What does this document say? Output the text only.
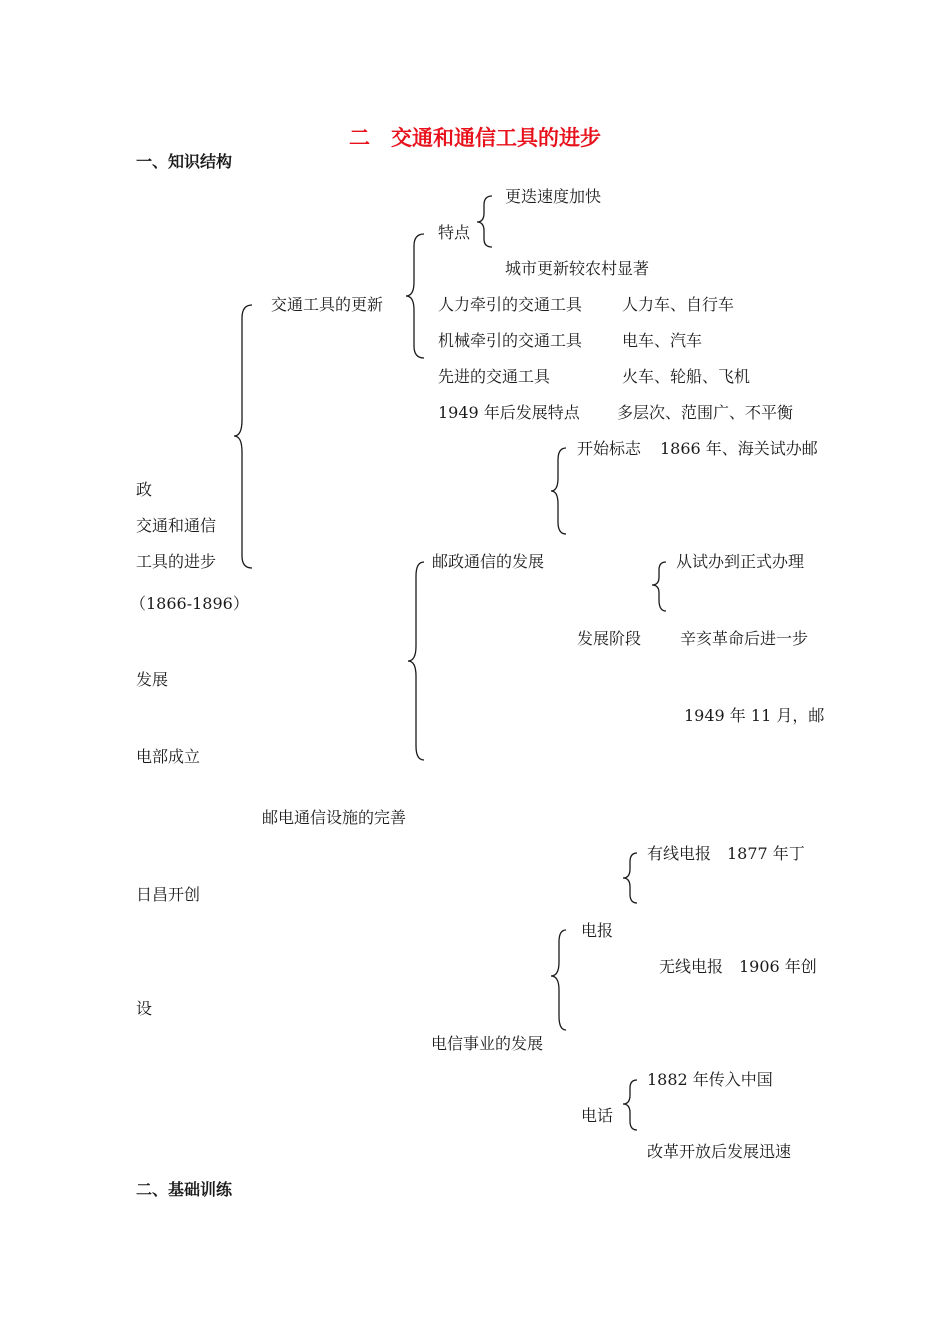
二　交通和通信工具的进步
一、知识结构
政
交通和通信
工具的进步
（1866-1896）
发展
电部成立
日昌开创
设
交通工具的更新
特点
更迭速度加快
城市更新较农村显著
人力牵引的交通工具 人力车、自行车
机械牵引的交通工具 电车、汽车
先进的交通工具	火车、轮船、飞机
1949 年后发展特点 多层次、范围广、不平衡
开始标志 1866 年、海关试办邮
邮政通信的发展	从试办到正式办理
发展阶段 辛亥革命后进一步
1949 年 11 月，邮
邮电通信设施的完善
有线电报　1877 年丁
电报
无线电报　1906 年创
电信事业的发展
1882 年传入中国
电话
改革开放后发展迅速
二、基础训练
